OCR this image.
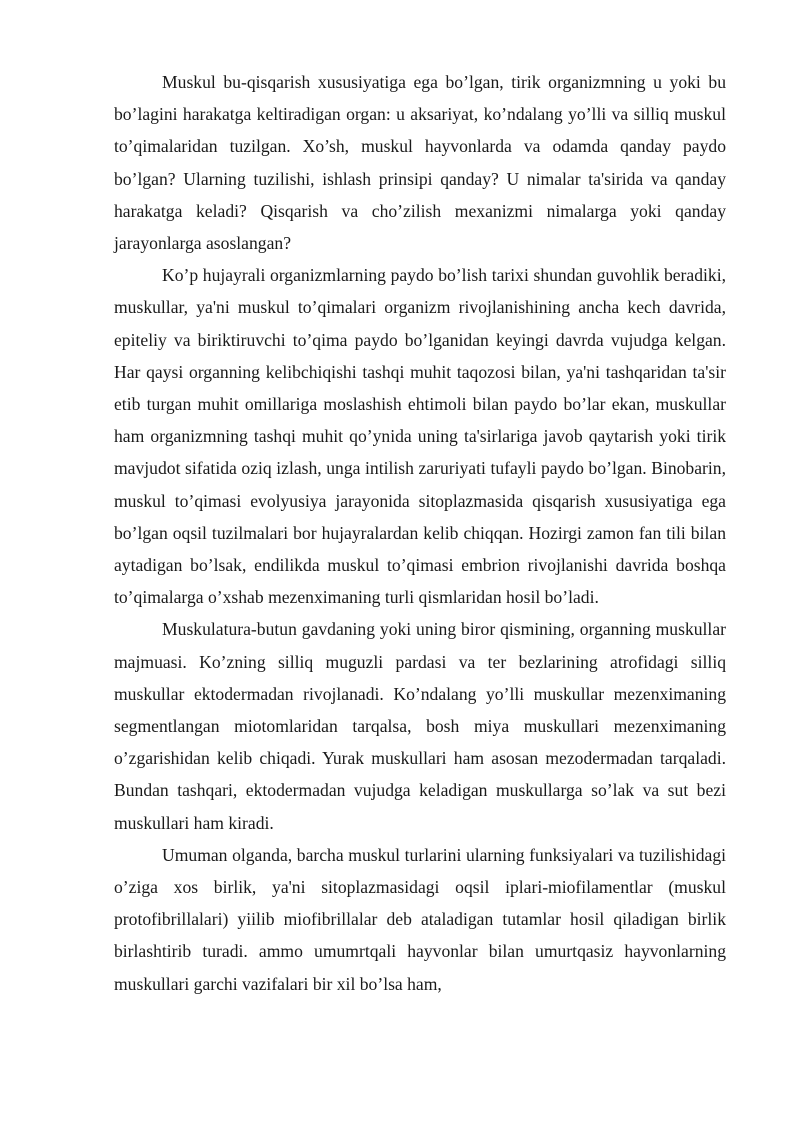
Muskul bu-qisqarish xususiyatiga ega bo’lgan, tirik organizmning u yoki bu bo’lagini harakatga keltiradigan organ: u aksariyat, ko’ndalang yo’lli va silliq muskul to’qimalaridan tuzilgan. Xo’sh, muskul hayvonlarda va odamda qanday paydo bo’lgan? Ularning tuzilishi, ishlash prinsipi qanday? U nimalar ta'sirida va qanday harakatga keladi? Qisqarish va cho’zilish mexanizmi nimalarga yoki qanday jarayonlarga asoslangan?

Ko’p hujayrali organizmlarning paydo bo’lish tarixi shundan guvohlik beradiki, muskullar, ya'ni muskul to’qimalari organizm rivojlanishining ancha kech davrida, epiteliy va biriktiruvchi to’qima paydo bo’lganidan keyingi davrda vujudga kelgan. Har qaysi organning kelibchiqishi tashqi muhit taqozosi bilan, ya'ni tashqaridan ta'sir etib turgan muhit omillariga moslashish ehtimoli bilan paydo bo’lar ekan, muskullar ham organizmning tashqi muhit qo’ynida uning ta'sirlariga javob qaytarish yoki tirik mavjudot sifatida oziq izlash, unga intilish zaruriyati tufayli paydo bo’lgan. Binobarin, muskul to’qimasi evolyusiya jarayonida sitoplazmasida qisqarish xususiyatiga ega bo’lgan oqsil tuzilmalari bor hujayralardan kelib chiqqan. Hozirgi zamon fan tili bilan aytadigan bo’lsak, endilikda muskul to’qimasi embrion rivojlanishi davrida boshqa to’qimalarga o’xshab mezenximaning turli qismlaridan hosil bo’ladi.

Muskulatura-butun gavdaning yoki uning biror qismining, organning muskullar majmuasi. Ko’zning silliq muguzli pardasi va ter bezlarining atrofidagi silliq muskullar ektodermadan rivojlanadi. Ko’ndalang yo’lli muskullar mezenximaning segmentlangan miotomlaridan tarqalsa, bosh miya muskullari mezenximaning o’zgarishidan kelib chiqadi. Yurak muskullari ham asosan mezodermadan tarqaladi. Bundan tashqari, ektodermadan vujudga keladigan muskullarga so’lak va sut bezi muskullari ham kiradi.

Umuman olganda, barcha muskul turlarini ularning funksiyalari va tuzilishidagi o’ziga xos birlik, ya'ni sitoplazmasidagi oqsil iplari-miofilamentlar (muskul protofibrillalari) yiilib miofibrillalar deb ataladigan tutamlar hosil qiladigan birlik birlashtirib turadi. ammo umumrtqali hayvonlar bilan umurtqasiz hayvonlarning muskullari garchi vazifalari bir xil bo’lsa ham,
